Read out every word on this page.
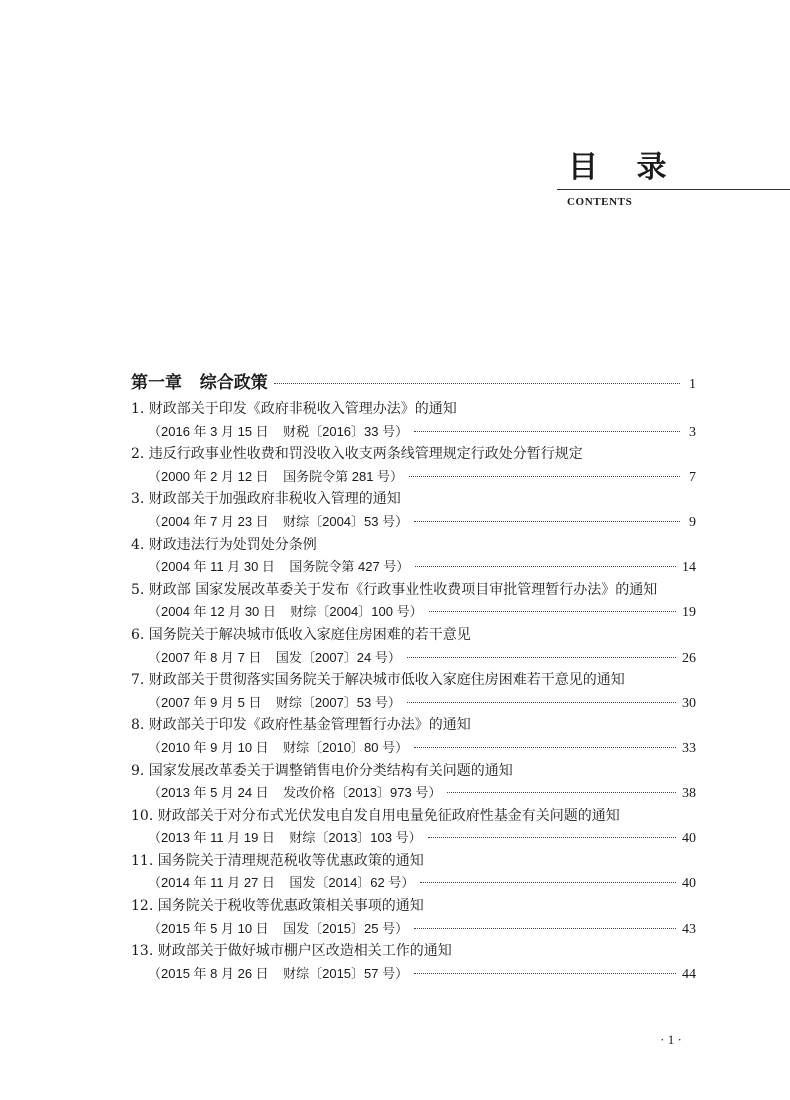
目 录
CONTENTS
第一章   综合政策	1
1. 财政部关于印发《政府非税收入管理办法》的通知
（2016 年 3 月 15 日    财税〔2016〕33 号）	3
2. 违反行政事业性收费和罚没收入收支两条线管理规定行政处分暂行规定
（2000 年 2 月 12 日    国务院令第 281 号）	7
3. 财政部关于加强政府非税收入管理的通知
（2004 年 7 月 23 日    财综〔2004〕53 号）	9
4. 财政违法行为处罚处分条例
（2004 年 11 月 30 日    国务院令第 427 号）	14
5. 财政部 国家发展改革委关于发布《行政事业性收费项目审批管理暂行办法》的通知
（2004 年 12 月 30 日    财综〔2004〕100 号）	19
6. 国务院关于解决城市低收入家庭住房困难的若干意见
（2007 年 8 月 7 日    国发〔2007〕24 号）	26
7. 财政部关于贯彻落实国务院关于解决城市低收入家庭住房困难若干意见的通知
（2007 年 9 月 5 日    财综〔2007〕53 号）	30
8. 财政部关于印发《政府性基金管理暂行办法》的通知
（2010 年 9 月 10 日    财综〔2010〕80 号）	33
9. 国家发展改革委关于调整销售电价分类结构有关问题的通知
（2013 年 5 月 24 日    发改价格〔2013〕973 号）	38
10. 财政部关于对分布式光伏发电自发自用电量免征政府性基金有关问题的通知
（2013 年 11 月 19 日    财综〔2013〕103 号）	40
11. 国务院关于清理规范税收等优惠政策的通知
（2014 年 11 月 27 日    国发〔2014〕62 号）	40
12. 国务院关于税收等优惠政策相关事项的通知
（2015 年 5 月 10 日    国发〔2015〕25 号）	43
13. 财政部关于做好城市棚户区改造相关工作的通知
（2015 年 8 月 26 日    财综〔2015〕57 号）	44
· 1 ·
